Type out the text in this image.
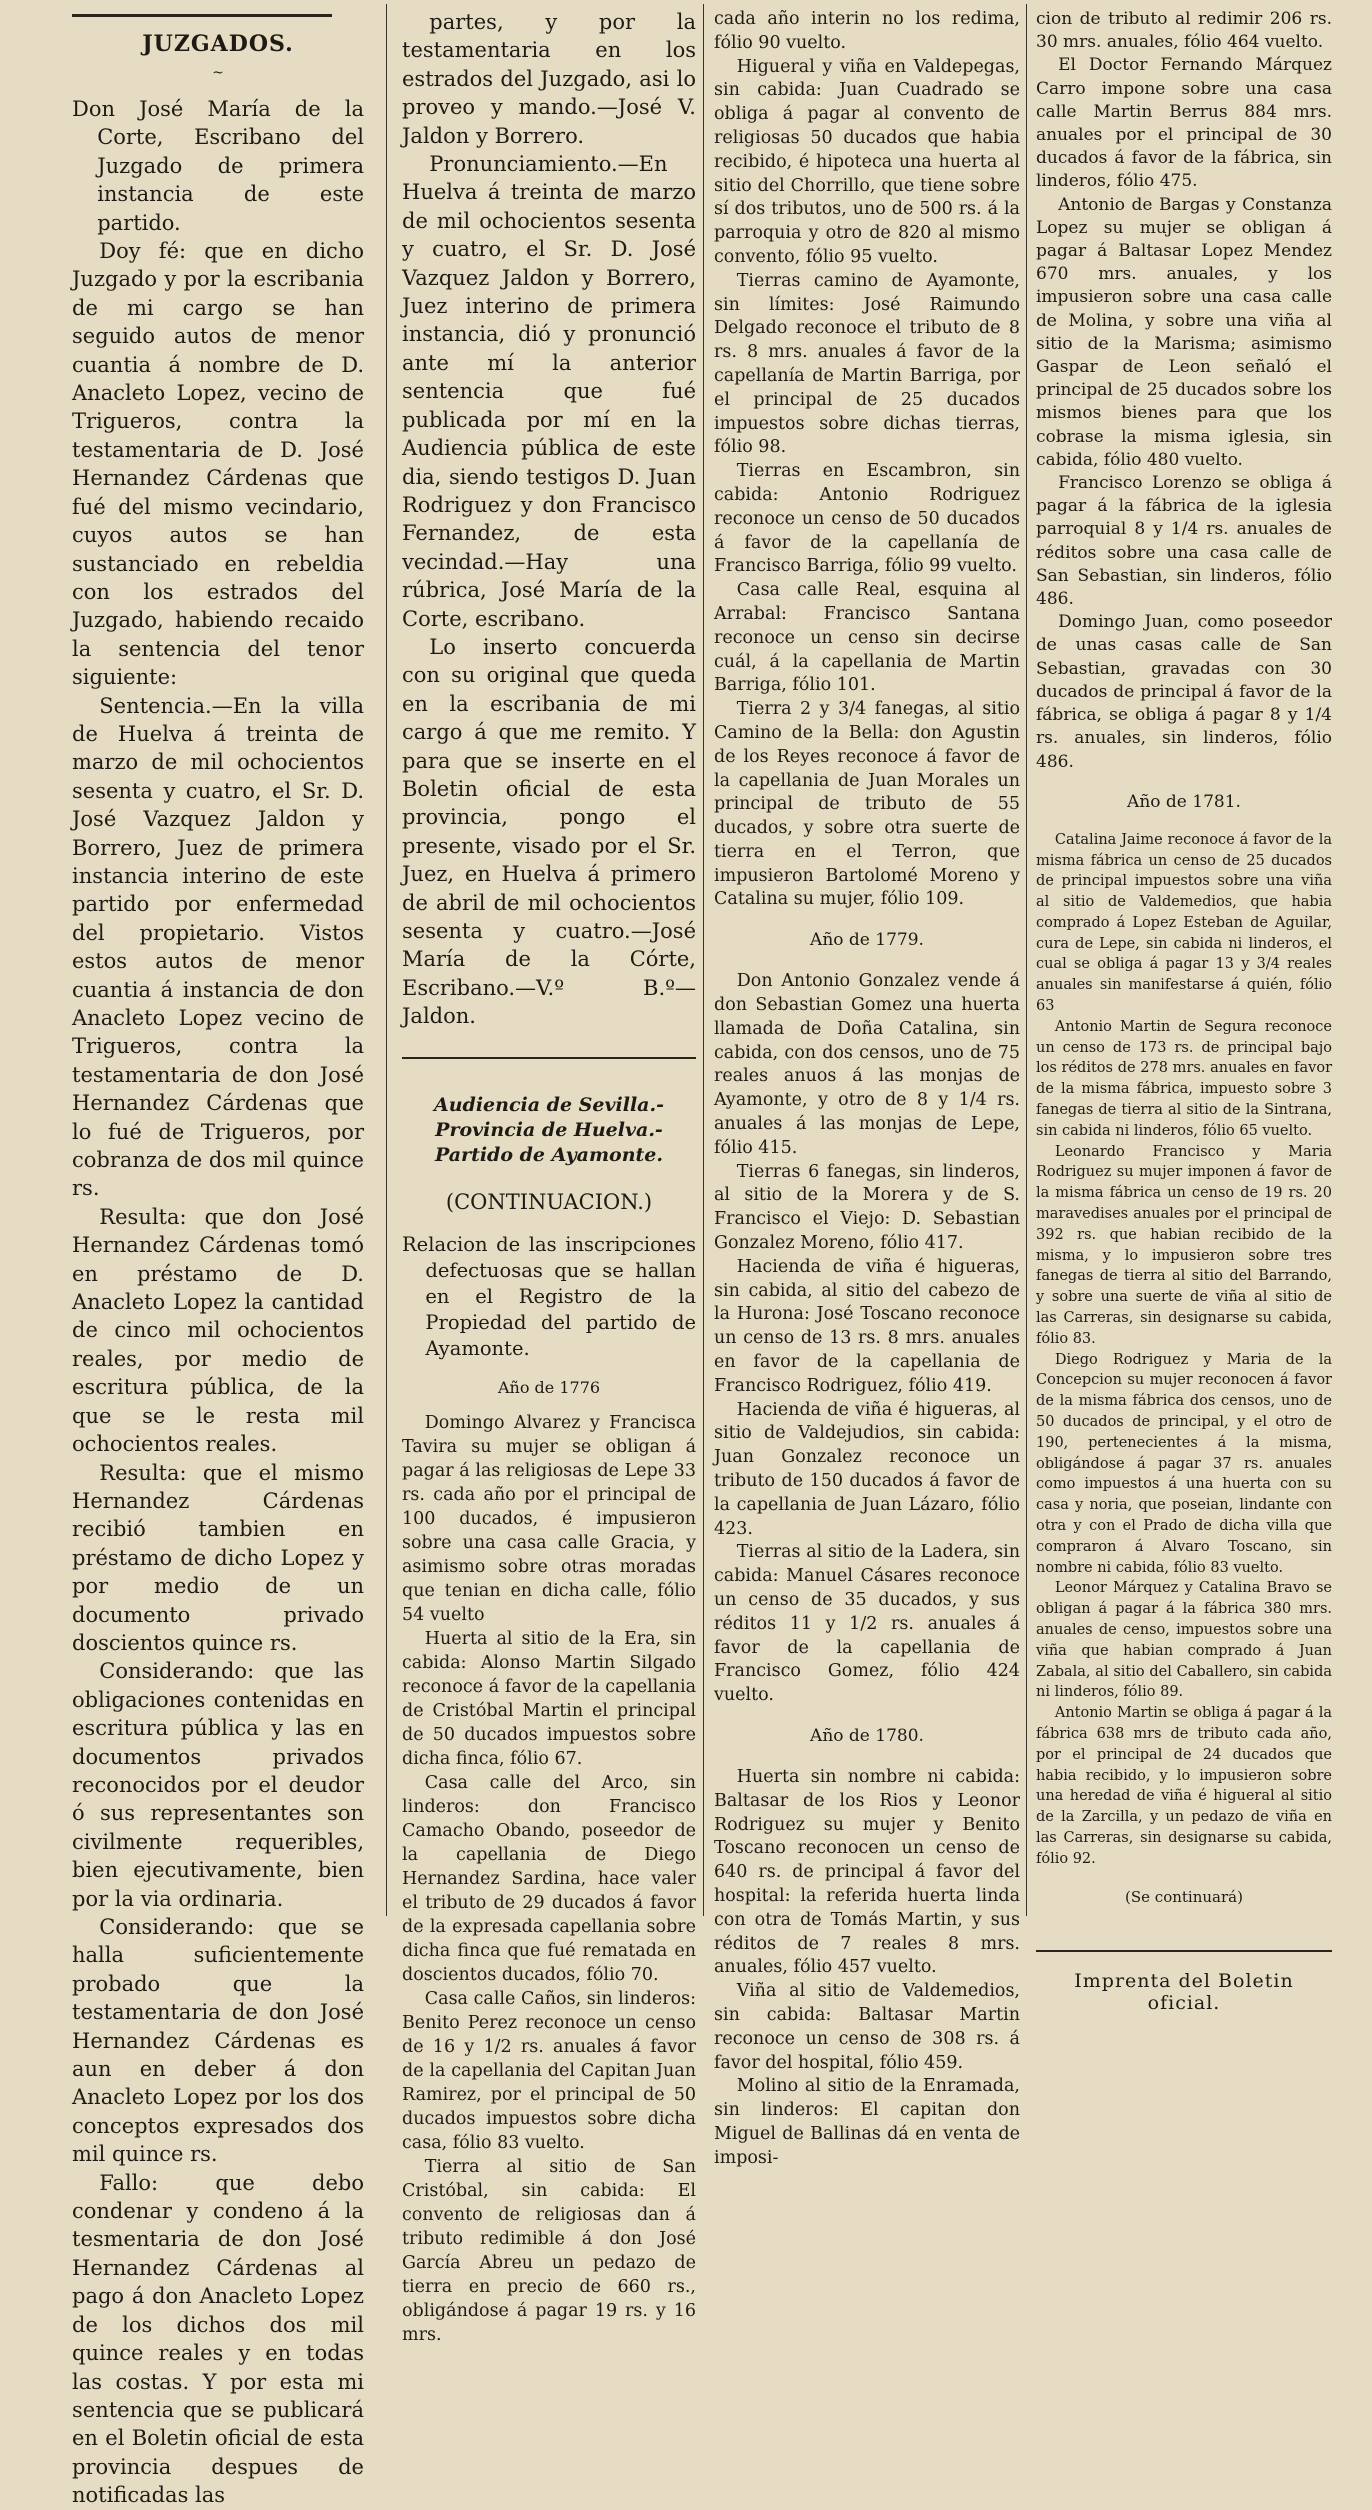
JUZGADOS.
~

Don José María de la Corte, Escribano del Juzgado de primera instancia de este partido.

Doy fé: que en dicho Juzgado y por la escribania de mi cargo se han seguido autos de menor cuantia á nombre de D. Anacleto Lopez, vecino de Trigueros, contra la testamentaria de D. José Hernandez Cárdenas que fué del mismo vecindario, cuyos autos se han sustanciado en rebeldia con los estrados del Juzgado, habiendo recaido la sentencia del tenor siguiente:

Sentencia.—En la villa de Huelva á treinta de marzo de mil ochocientos sesenta y cuatro, el Sr. D. José Vazquez Jaldon y Borrero, Juez de primera instancia interino de este partido por enfermedad del propietario. Vistos estos autos de menor cuantia á instancia de don Anacleto Lopez vecino de Trigueros, contra la testamentaria de don José Hernandez Cárdenas que lo fué de Trigueros, por cobranza de dos mil quince rs.

Resulta: que don José Hernandez Cárdenas tomó en préstamo de D. Anacleto Lopez la cantidad de cinco mil ochocientos reales, por medio de escritura pública, de la que se le resta mil ochocientos reales.

Resulta: que el mismo Hernandez Cárdenas recibió tambien en préstamo de dicho Lopez y por medio de un documento privado doscientos quince rs.

Considerando: que las obligaciones contenidas en escritura pública y las en documentos privados reconocidos por el deudor ó sus representantes son civilmente requeribles, bien ejecutivamente, bien por la via ordinaria.

Considerando: que se halla suficientemente probado que la testamentaria de don José Hernandez Cárdenas es aun en deber á don Anacleto Lopez por los dos conceptos expresados dos mil quince rs.

Fallo: que debo condenar y condeno á la tesmentaria de don José Hernandez Cárdenas al pago á don Anacleto Lopez de los dichos dos mil quince reales y en todas las costas. Y por esta mi sentencia que se publicará en el Boletin oficial de esta provincia despues de notificadas las

partes, y por la testamentaria en los estrados del Juzgado, asi lo proveo y mando.—José V. Jaldon y Borrero.

Pronunciamiento.—En Huelva á treinta de marzo de mil ochocientos sesenta y cuatro, el Sr. D. José Vazquez Jaldon y Borrero, Juez interino de primera instancia, dió y pronunció ante mí la anterior sentencia que fué publicada por mí en la Audiencia pública de este dia, siendo testigos D. Juan Rodriguez y don Francisco Fernandez, de esta vecindad.—Hay una rúbrica, José María de la Corte, escribano.

Lo inserto concuerda con su original que queda en la escribania de mi cargo á que me remito. Y para que se inserte en el Boletin oficial de esta provincia, pongo el presente, visado por el Sr. Juez, en Huelva á primero de abril de mil ochocientos sesenta y cuatro.—José María de la Córte, Escribano.—V.º B.º—Jaldon.

Audiencia de Sevilla.-Provincia de Huelva.-Partido de Ayamonte.
(CONTINUACION.)

Relacion de las inscripciones defectuosas que se hallan en el Registro de la Propiedad del partido de Ayamonte.

Año de 1776

Domingo Alvarez y Francisca Tavira su mujer se obligan á pagar á las religiosas de Lepe 33 rs. cada año por el principal de 100 ducados, é impusieron sobre una casa calle Gracia, y asimismo sobre otras moradas que tenian en dicha calle, fólio 54 vuelto

Huerta al sitio de la Era, sin cabida: Alonso Martin Silgado reconoce á favor de la capellania de Cristóbal Martin el principal de 50 ducados impuestos sobre dicha finca, fólio 67.

Casa calle del Arco, sin linderos: don Francisco Camacho Obando, poseedor de la capellania de Diego Hernandez Sardina, hace valer el tributo de 29 ducados á favor de la expresada capellania sobre dicha finca que fué rematada en doscientos ducados, fólio 70.

Casa calle Caños, sin linderos: Benito Perez reconoce un censo de 16 y 1/2 rs. anuales á favor de la capellania del Capitan Juan Ramirez, por el principal de 50 ducados impuestos sobre dicha casa, fólio 83 vuelto.

Tierra al sitio de San Cristóbal, sin cabida: El convento de religiosas dan á tributo redimible á don José García Abreu un pedazo de tierra en precio de 660 rs., obligándose á pagar 19 rs. y 16 mrs.

cada año interin no los redima, fólio 90 vuelto.

Higueral y viña en Valdepegas, sin cabida: Juan Cuadrado se obliga á pagar al convento de religiosas 50 ducados que habia recibido, é hipoteca una huerta al sitio del Chorrillo, que tiene sobre sí dos tributos, uno de 500 rs. á la parroquia y otro de 820 al mismo convento, fólio 95 vuelto.

Tierras camino de Ayamonte, sin límites: José Raimundo Delgado reconoce el tributo de 8 rs. 8 mrs. anuales á favor de la capellanía de Martin Barriga, por el principal de 25 ducados impuestos sobre dichas tierras, fólio 98.

Tierras en Escambron, sin cabida: Antonio Rodriguez reconoce un censo de 50 ducados á favor de la capellanía de Francisco Barriga, fólio 99 vuelto.

Casa calle Real, esquina al Arrabal: Francisco Santana reconoce un censo sin decirse cuál, á la capellania de Martin Barriga, fólio 101.

Tierra 2 y 3/4 fanegas, al sitio Camino de la Bella: don Agustin de los Reyes reconoce á favor de la capellania de Juan Morales un principal de tributo de 55 ducados, y sobre otra suerte de tierra en el Terron, que impusieron Bartolomé Moreno y Catalina su mujer, fólio 109.

Año de 1779.

Don Antonio Gonzalez vende á don Sebastian Gomez una huerta llamada de Doña Catalina, sin cabida, con dos censos, uno de 75 reales anuos á las monjas de Ayamonte, y otro de 8 y 1/4 rs. anuales á las monjas de Lepe, fólio 415.

Tierras 6 fanegas, sin linderos, al sitio de la Morera y de S. Francisco el Viejo: D. Sebastian Gonzalez Moreno, fólio 417.

Hacienda de viña é higueras, sin cabida, al sitio del cabezo de la Hurona: José Toscano reconoce un censo de 13 rs. 8 mrs. anuales en favor de la capellania de Francisco Rodriguez, fólio 419.

Hacienda de viña é higueras, al sitio de Valdejudios, sin cabida: Juan Gonzalez reconoce un tributo de 150 ducados á favor de la capellania de Juan Lázaro, fólio 423.

Tierras al sitio de la Ladera, sin cabida: Manuel Cásares reconoce un censo de 35 ducados, y sus réditos 11 y 1/2 rs. anuales á favor de la capellania de Francisco Gomez, fólio 424 vuelto.

Año de 1780.

Huerta sin nombre ni cabida: Baltasar de los Rios y Leonor Rodriguez su mujer y Benito Toscano reconocen un censo de 640 rs. de principal á favor del hospital: la referida huerta linda con otra de Tomás Martin, y sus réditos de 7 reales 8 mrs. anuales, fólio 457 vuelto.

Viña al sitio de Valdemedios, sin cabida: Baltasar Martin reconoce un censo de 308 rs. á favor del hospital, fólio 459.

Molino al sitio de la Enramada, sin linderos: El capitan don Miguel de Ballinas dá en venta de imposi-

cion de tributo al redimir 206 rs. 30 mrs. anuales, fólio 464 vuelto.

El Doctor Fernando Márquez Carro impone sobre una casa calle Martin Berrus 884 mrs. anuales por el principal de 30 ducados á favor de la fábrica, sin linderos, fólio 475.

Antonio de Bargas y Constanza Lopez su mujer se obligan á pagar á Baltasar Lopez Mendez 670 mrs. anuales, y los impusieron sobre una casa calle de Molina, y sobre una viña al sitio de la Marisma; asimismo Gaspar de Leon señaló el principal de 25 ducados sobre los mismos bienes para que los cobrase la misma iglesia, sin cabida, fólio 480 vuelto.

Francisco Lorenzo se obliga á pagar á la fábrica de la iglesia parroquial 8 y 1/4 rs. anuales de réditos sobre una casa calle de San Sebastian, sin linderos, fólio 486.

Domingo Juan, como poseedor de unas casas calle de San Sebastian, gravadas con 30 ducados de principal á favor de la fábrica, se obliga á pagar 8 y 1/4 rs. anuales, sin linderos, fólio 486.

Año de 1781.

Catalina Jaime reconoce á favor de la misma fábrica un censo de 25 ducados de principal impuestos sobre una viña al sitio de Valdemedios, que habia comprado á Lopez Esteban de Aguilar, cura de Lepe, sin cabida ni linderos, el cual se obliga á pagar 13 y 3/4 reales anuales sin manifestarse á quién, fólio 63

Antonio Martin de Segura reconoce un censo de 173 rs. de principal bajo los réditos de 278 mrs. anuales en favor de la misma fábrica, impuesto sobre 3 fanegas de tierra al sitio de la Sintrana, sin cabida ni linderos, fólio 65 vuelto.

Leonardo Francisco y Maria Rodriguez su mujer imponen á favor de la misma fábrica un censo de 19 rs. 20 maravedises anuales por el principal de 392 rs. que habian recibido de la misma, y lo impusieron sobre tres fanegas de tierra al sitio del Barrando, y sobre una suerte de viña al sitio de las Carreras, sin designarse su cabida, fólio 83.

Diego Rodriguez y Maria de la Concepcion su mujer reconocen á favor de la misma fábrica dos censos, uno de 50 ducados de principal, y el otro de 190, pertenecientes á la misma, obligándose á pagar 37 rs. anuales como impuestos á una huerta con su casa y noria, que poseian, lindante con otra y con el Prado de dicha villa que compraron á Alvaro Toscano, sin nombre ni cabida, fólio 83 vuelto.

Leonor Márquez y Catalina Bravo se obligan á pagar á la fábrica 380 mrs. anuales de censo, impuestos sobre una viña que habian comprado á Juan Zabala, al sitio del Caballero, sin cabida ni linderos, fólio 89.

Antonio Martin se obliga á pagar á la fábrica 638 mrs de tributo cada año, por el principal de 24 ducados que habia recibido, y lo impusieron sobre una heredad de viña é higueral al sitio de la Zarcilla, y un pedazo de viña en las Carreras, sin designarse su cabida, fólio 92.

(Se continuará)
Imprenta del Boletin oficial.
